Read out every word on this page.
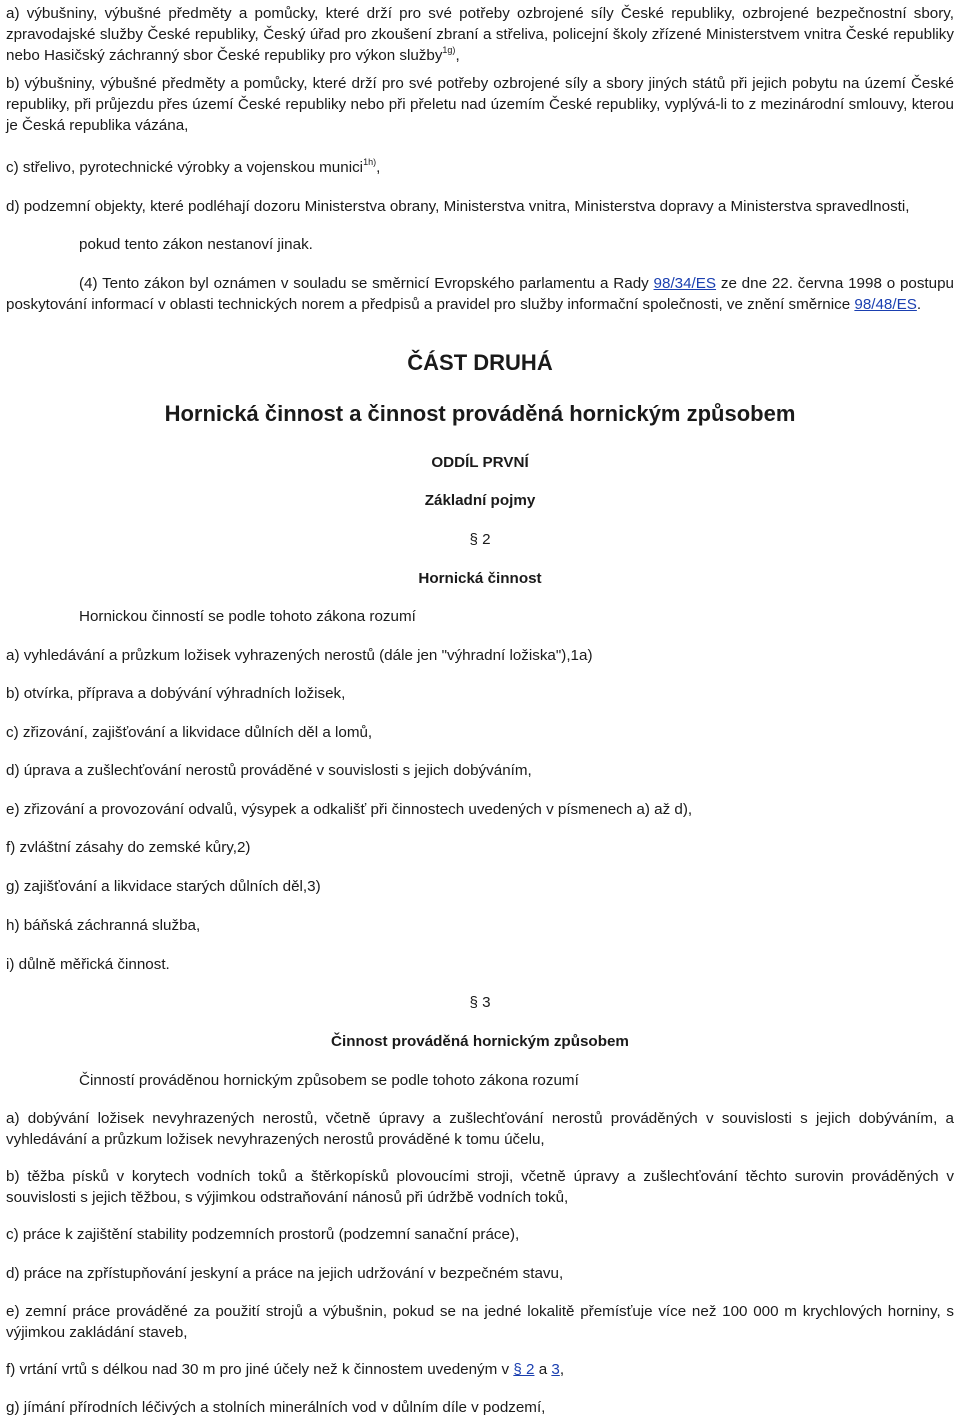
a) výbušniny, výbušné předměty a pomůcky, které drží pro své potřeby ozbrojené síly České republiky, ozbrojené bezpečnostní sbory, zpravodajské služby České republiky, Český úřad pro zkoušení zbraní a střeliva, policejní školy zřízené Ministerstvem vnitra České republiky nebo Hasičský záchranný sbor České republiky pro výkon služby$^{1g)}$,

b) výbušniny, výbušné předměty a pomůcky, které drží pro své potřeby ozbrojené síly a sbory jiných států při jejich pobytu na území České republiky, při průjezdu přes území České republiky nebo při přeletu nad územím České republiky, vyplývá-li to z mezinárodní smlouvy, kterou je Česká republika vázána,

c) střelivo, pyrotechnické výrobky a vojenskou munici$^{1h)}$,

d) podzemní objekty, které podléhají dozoru Ministerstva obrany, Ministerstva vnitra, Ministerstva dopravy a Ministerstva spravedlnosti,

pokud tento zákon nestanoví jinak.

(4) Tento zákon byl oznámen v souladu se směrnicí Evropského parlamentu a Rady 98/34/ES ze dne 22. června 1998 o postupu poskytování informací v oblasti technických norem a předpisů a pravidel pro služby informační společnosti, ve znění směrnice 98/48/ES.

ČÁST DRUHÁ
Hornická činnost a činnost prováděná hornickým způsobem
ODDÍL PRVNÍ
Základní pojmy
§ 2
Hornická činnost

Hornickou činností se podle tohoto zákona rozumí

a) vyhledávání a průzkum ložisek vyhrazených nerostů (dále jen "výhradní ložiska"),1a)

b) otvírka, příprava a dobývání výhradních ložisek,

c) zřizování, zajišťování a likvidace důlních děl a lomů,

d) úprava a zušlechťování nerostů prováděné v souvislosti s jejich dobýváním,

e) zřizování a provozování odvalů, výsypek a odkališť při činnostech uvedených v písmenech a) až d),

f) zvláštní zásahy do zemské kůry,2)

g) zajišťování a likvidace starých důlních děl,3)

h) báňská záchranná služba,

i) důlně měřická činnost.

§ 3
Činnost prováděná hornickým způsobem

Činností prováděnou hornickým způsobem se podle tohoto zákona rozumí

a) dobývání ložisek nevyhrazených nerostů, včetně úpravy a zušlechťování nerostů prováděných v souvislosti s jejich dobýváním, a vyhledávání a průzkum ložisek nevyhrazených nerostů prováděné k tomu účelu,

b) těžba písků v korytech vodních toků a štěrkopísků plovoucími stroji, včetně úpravy a zušlechťování těchto surovin prováděných v souvislosti s jejich těžbou, s výjimkou odstraňování nánosů při údržbě vodních toků,

c) práce k zajištění stability podzemních prostorů (podzemní sanační práce),

d) práce na zpřístupňování jeskyní a práce na jejich udržování v bezpečném stavu,

e) zemní práce prováděné za použití strojů a výbušnin, pokud se na jedné lokalitě přemísťuje více než 100 000 m krychlových horniny, s výjimkou zakládání staveb,

f) vrtání vrtů s délkou nad 30 m pro jiné účely než k činnostem uvedeným v § 2 a 3,

g) jímání přírodních léčivých a stolních minerálních vod v důlním díle v podzemí,
